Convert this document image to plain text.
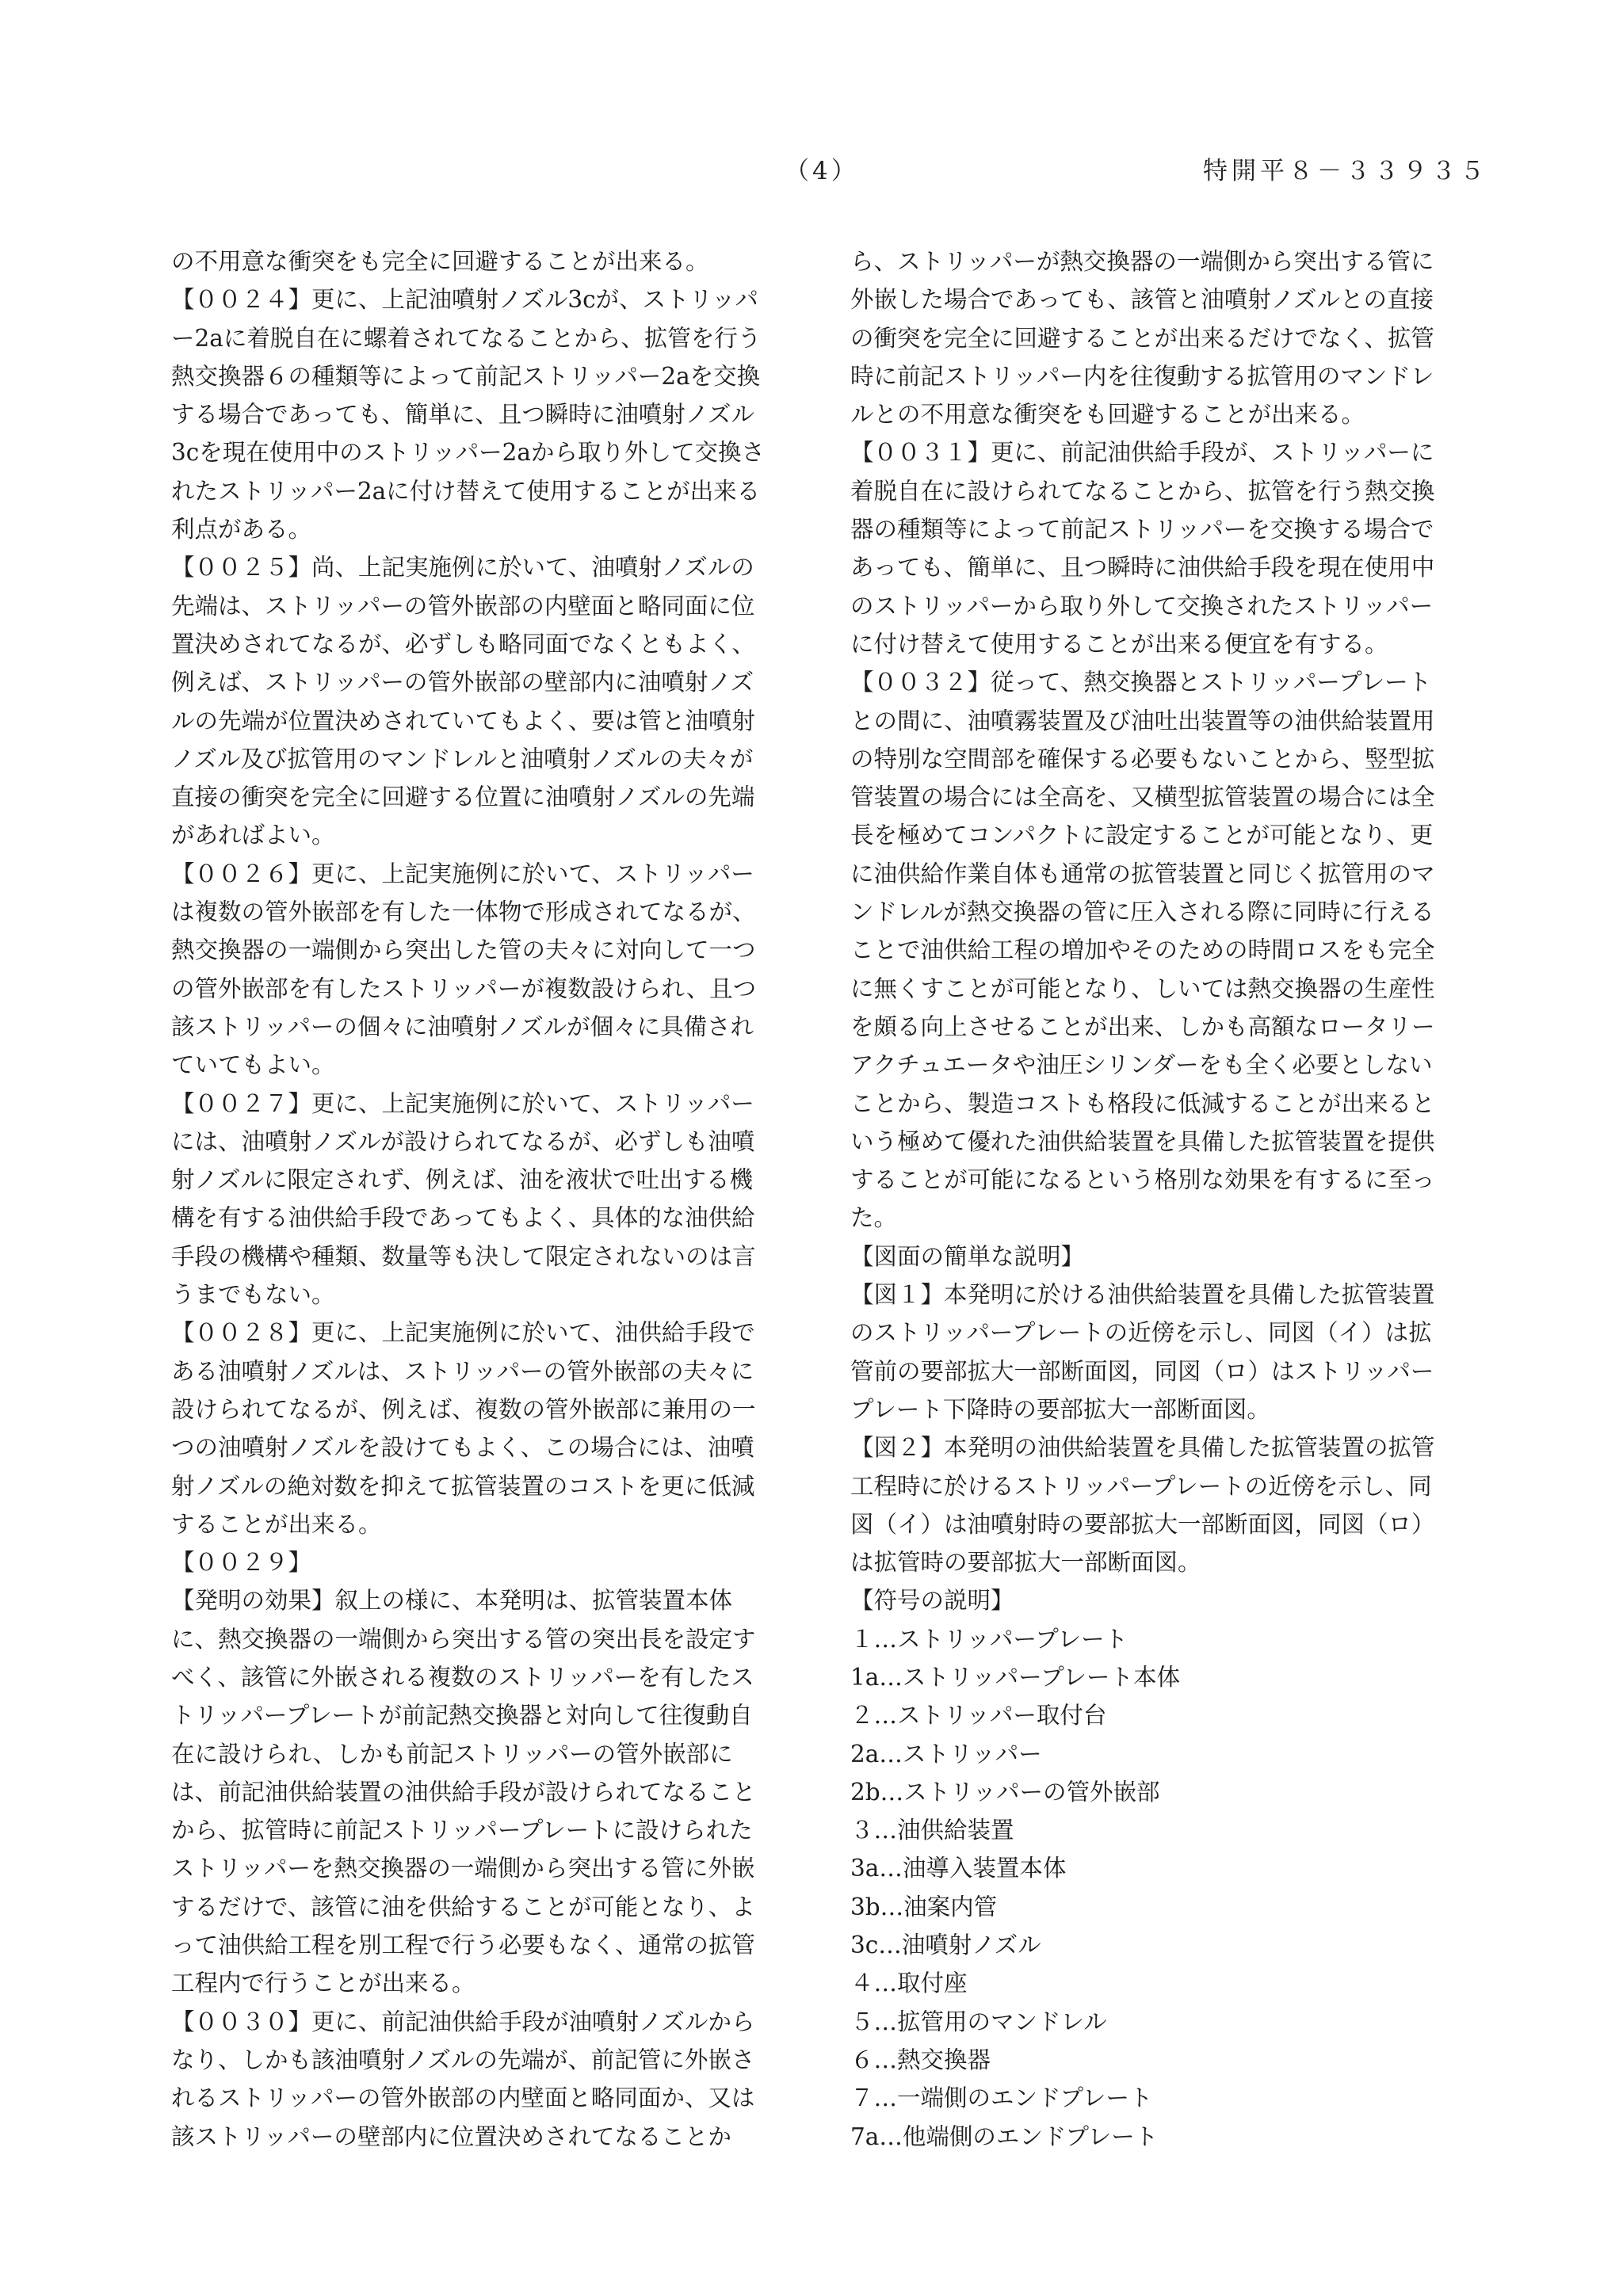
（4）	特開平８－３３９３５
の不用意な衝突をも完全に回避することが出来る。
【００２４】更に、上記油噴射ノズル3cが、ストリッパ
ー2aに着脱自在に螺着されてなることから、拡管を行う
熱交換器６の種類等によって前記ストリッパー2aを交換
する場合であっても、簡単に、且つ瞬時に油噴射ノズル
3cを現在使用中のストリッパー2aから取り外して交換さ
れたストリッパー2aに付け替えて使用することが出来る
利点がある。
【００２５】尚、上記実施例に於いて、油噴射ノズルの
先端は、ストリッパーの管外嵌部の内壁面と略同面に位
置決めされてなるが、必ずしも略同面でなくともよく、
例えば、ストリッパーの管外嵌部の壁部内に油噴射ノズ
ルの先端が位置決めされていてもよく、要は管と油噴射
ノズル及び拡管用のマンドレルと油噴射ノズルの夫々が
直接の衝突を完全に回避する位置に油噴射ノズルの先端
があればよい。
【００２６】更に、上記実施例に於いて、ストリッパー
は複数の管外嵌部を有した一体物で形成されてなるが、
熱交換器の一端側から突出した管の夫々に対向して一つ
の管外嵌部を有したストリッパーが複数設けられ、且つ
該ストリッパーの個々に油噴射ノズルが個々に具備され
ていてもよい。
【００２７】更に、上記実施例に於いて、ストリッパー
には、油噴射ノズルが設けられてなるが、必ずしも油噴
射ノズルに限定されず、例えば、油を液状で吐出する機
構を有する油供給手段であってもよく、具体的な油供給
手段の機構や種類、数量等も決して限定されないのは言
うまでもない。
【００２８】更に、上記実施例に於いて、油供給手段で
ある油噴射ノズルは、ストリッパーの管外嵌部の夫々に
設けられてなるが、例えば、複数の管外嵌部に兼用の一
つの油噴射ノズルを設けてもよく、この場合には、油噴
射ノズルの絶対数を抑えて拡管装置のコストを更に低減
することが出来る。
【００２９】
【発明の効果】叙上の様に、本発明は、拡管装置本体
に、熱交換器の一端側から突出する管の突出長を設定す
べく、該管に外嵌される複数のストリッパーを有したス
トリッパープレートが前記熱交換器と対向して往復動自
在に設けられ、しかも前記ストリッパーの管外嵌部に
は、前記油供給装置の油供給手段が設けられてなること
から、拡管時に前記ストリッパープレートに設けられた
ストリッパーを熱交換器の一端側から突出する管に外嵌
するだけで、該管に油を供給することが可能となり、よ
って油供給工程を別工程で行う必要もなく、通常の拡管
工程内で行うことが出来る。
【００３０】更に、前記油供給手段が油噴射ノズルから
なり、しかも該油噴射ノズルの先端が、前記管に外嵌さ
れるストリッパーの管外嵌部の内壁面と略同面か、又は
該ストリッパーの壁部内に位置決めされてなることか
ら、ストリッパーが熱交換器の一端側から突出する管に
外嵌した場合であっても、該管と油噴射ノズルとの直接
の衝突を完全に回避することが出来るだけでなく、拡管
時に前記ストリッパー内を往復動する拡管用のマンドレ
ルとの不用意な衝突をも回避することが出来る。
【００３１】更に、前記油供給手段が、ストリッパーに
着脱自在に設けられてなることから、拡管を行う熱交換
器の種類等によって前記ストリッパーを交換する場合で
あっても、簡単に、且つ瞬時に油供給手段を現在使用中
のストリッパーから取り外して交換されたストリッパー
に付け替えて使用することが出来る便宜を有する。
【００３２】従って、熱交換器とストリッパープレート
との間に、油噴霧装置及び油吐出装置等の油供給装置用
の特別な空間部を確保する必要もないことから、竪型拡
管装置の場合には全高を、又横型拡管装置の場合には全
長を極めてコンパクトに設定することが可能となり、更
に油供給作業自体も通常の拡管装置と同じく拡管用のマ
ンドレルが熱交換器の管に圧入される際に同時に行える
ことで油供給工程の増加やそのための時間ロスをも完全
に無くすことが可能となり、しいては熱交換器の生産性
を頗る向上させることが出来、しかも高額なロータリー
アクチュエータや油圧シリンダーをも全く必要としない
ことから、製造コストも格段に低減することが出来ると
いう極めて優れた油供給装置を具備した拡管装置を提供
することが可能になるという格別な効果を有するに至っ
た。
【図面の簡単な説明】
【図１】本発明に於ける油供給装置を具備した拡管装置
のストリッパープレートの近傍を示し、同図（イ）は拡
管前の要部拡大一部断面図，同図（ロ）はストリッパー
プレート下降時の要部拡大一部断面図。
【図２】本発明の油供給装置を具備した拡管装置の拡管
工程時に於けるストリッパープレートの近傍を示し、同
図（イ）は油噴射時の要部拡大一部断面図，同図（ロ）
は拡管時の要部拡大一部断面図。
【符号の説明】
１…ストリッパープレート
1a…ストリッパープレート本体
２…ストリッパー取付台
2a…ストリッパー
2b…ストリッパーの管外嵌部
３…油供給装置
3a…油導入装置本体
3b…油案内管
3c…油噴射ノズル
４…取付座
５…拡管用のマンドレル
６…熱交換器
７…一端側のエンドプレート
7a…他端側のエンドプレート
